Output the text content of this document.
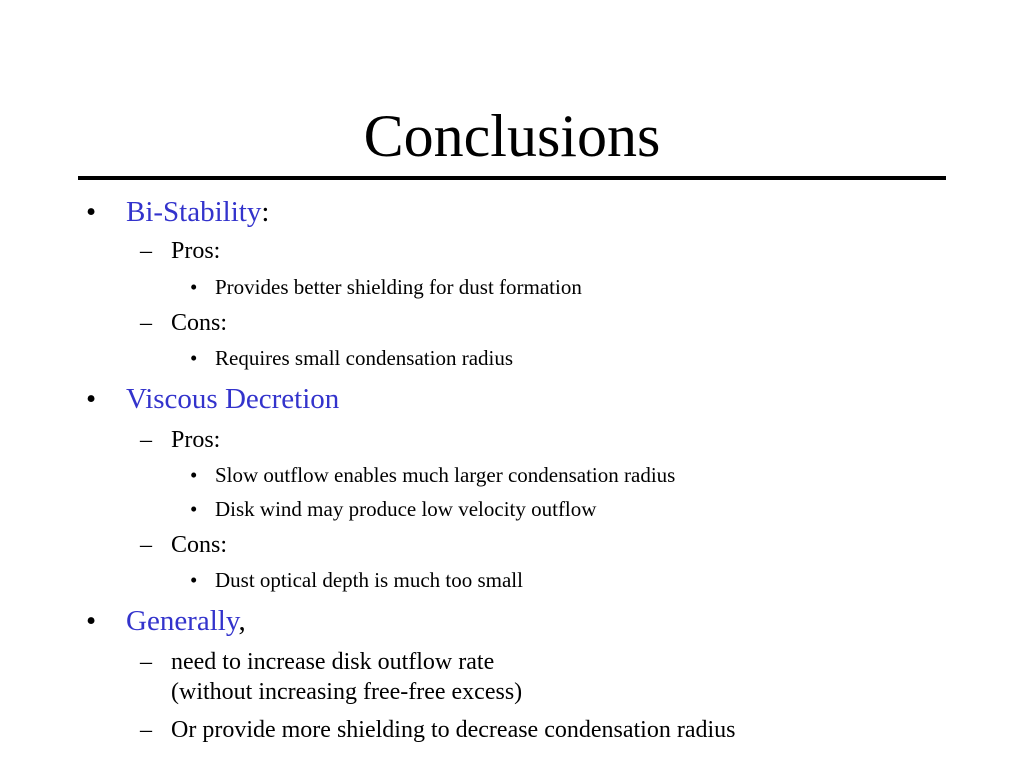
Conclusions
• Bi-Stability:
– Pros:
• Provides better shielding for dust formation
– Cons:
• Requires small condensation radius
• Viscous Decretion
– Pros:
• Slow outflow enables much larger condensation radius
• Disk wind may produce low velocity outflow
– Cons:
• Dust optical depth is much too small
• Generally,
– need to increase disk outflow rate
(without increasing free-free excess)
– Or provide more shielding to decrease condensation radius
